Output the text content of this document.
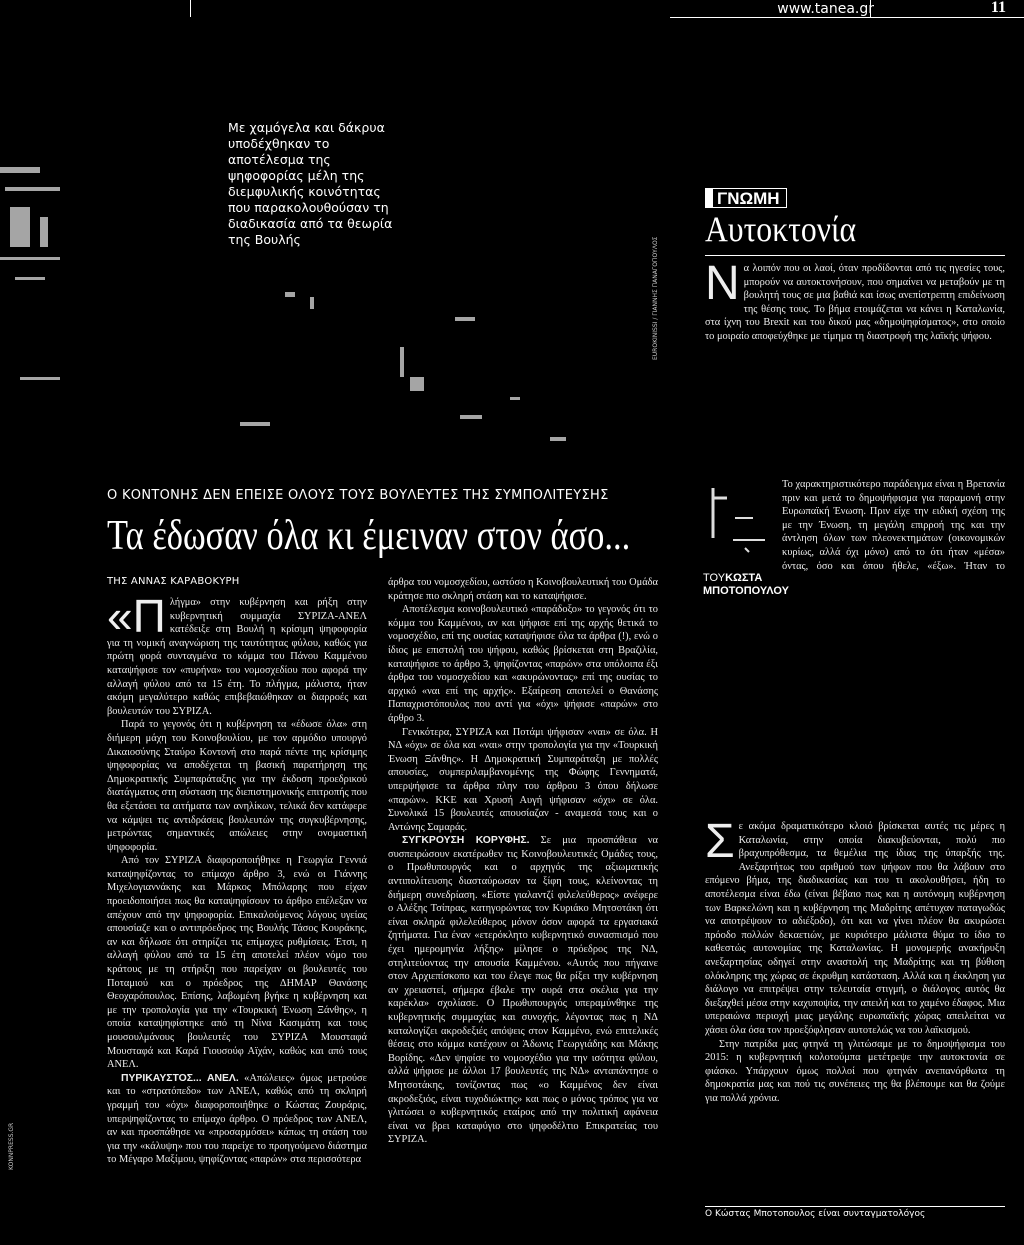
www.tanea.gr	11
Με χαμόγελα και δάκρυα υποδέχθηκαν το αποτέλεσμα της ψηφοφορίας μέλη της διεμφυλικής κοινότητας που παρακολουθούσαν τη διαδικασία από τα θεωρία της Βουλής	EUROKINISSI / ΓΙΑΝΝΗΣ ΠΑΝΑΓΟΠΟΥΛΟΣ
KONNPRESS.GR
Ο ΚΟΝΤΟΝΗΣ ΔΕΝ ΕΠΕΙΣΕ ΟΛΟΥΣ ΤΟΥΣ ΒΟΥΛΕΥΤΕΣ ΤΗΣ ΣΥΜΠΟΛΙΤΕΥΣΗΣ
Τα έδωσαν όλα κι έμειναν στον άσο...
ΤΗΣ ΑΝΝΑΣ ΚΑΡΑΒΟΚΥΡΗ

«Πλήγμα» στην κυβέρνηση και ρήξη στην κυβερνητική συμμαχία ΣΥΡΙΖΑ-ΑΝΕΛ κατέδειξε στη Βουλή η κρίσιμη ψηφοφορία για τη νομική αναγνώριση της ταυτότητας φύλου, καθώς για πρώτη φορά συνταγμένα το κόμμα του Πάνου Καμμένου καταψήφισε τον «πυρήνα» του νομοσχεδίου που αφορά την αλλαγή φύλου από τα 15 έτη. Το πλήγμα, μάλιστα, ήταν ακόμη μεγαλύτερο καθώς επιβεβαιώθηκαν οι διαρροές και βουλευτών του ΣΥΡΙΖΑ.

Παρά το γεγονός ότι η κυβέρνηση τα «έδωσε όλα» στη διήμερη μάχη του Κοινοβουλίου, με τον αρμόδιο υπουργό Δικαιοσύνης Σταύρο Κοντονή στο παρά πέντε της κρίσιμης ψηφοφορίας να αποδέχεται τη βασική παρατήρηση της Δημοκρατικής Συμπαράταξης για την έκδοση προεδρικού διατάγματος στη σύσταση της διεπιστημονικής επιτροπής που θα εξετάσει τα αιτήματα των ανηλίκων, τελικά δεν κατάφερε να κάμψει τις αντιδράσεις βουλευτών της συγκυβέρνησης, μετρώντας σημαντικές απώλειες στην ονομαστική ψηφοφορία.

Από τον ΣΥΡΙΖΑ διαφοροποιήθηκε η Γεωργία Γεννιά καταψηφίζοντας το επίμαχο άρθρο 3, ενώ οι Γιάννης Μιχελογιαννάκης και Μάρκος Μπόλαρης που είχαν προειδοποιήσει πως θα καταψηφίσουν το άρθρο επέλεξαν να απέχουν από την ψηφοφορία. Επικαλούμενος λόγους υγείας απουσίαζε και ο αντιπρόεδρος της Βουλής Τάσος Κουράκης, αν και δήλωσε ότι στηρίζει τις επίμαχες ρυθμίσεις. Έτσι, η αλλαγή φύλου από τα 15 έτη αποτελεί πλέον νόμο του κράτους με τη στήριξη που παρείχαν οι βουλευτές του Ποταμιού και ο πρόεδρος της ΔΗΜΑΡ Θανάσης Θεοχαρόπουλος. Επίσης, λαβωμένη βγήκε η κυβέρνηση και με την τροπολογία για την «Τουρκική Ένωση Ξάνθης», η οποία καταψηφίστηκε από τη Νίνα Κασιμάτη και τους μουσουλμάνους βουλευτές του ΣΥΡΙΖΑ Μουσταφά Μουσταφά και Καρά Γιουσούφ Αϊχάν, καθώς και από τους ΑΝΕΛ.

ΠΥΡΙΚΑΥΣΤΟΣ... ΑΝΕΛ. «Απώλειες» όμως μετρούσε και το «στρατόπεδο» των ΑΝΕΛ, καθώς από τη σκληρή γραμμή του «όχι» διαφοροποιήθηκε ο Κώστας Ζουράρις, υπερψηφίζοντας το επίμαχο άρθρο. Ο πρόεδρος των ΑΝΕΛ, αν και προσπάθησε να «προσαρμόσει» κάπως τη στάση του για την «κάλυψη» που του παρείχε το προηγούμενο διάστημα το Μέγαρο Μαξίμου, ψηφίζοντας «παρών» στα περισσότερα

άρθρα του νομοσχεδίου, ωστόσο η Κοινοβουλευτική του Ομάδα κράτησε πιο σκληρή στάση και το καταψήφισε.

Αποτέλεσμα κοινοβουλευτικό «παράδοξο» το γεγονός ότι το κόμμα του Καμμένου, αν και ψήφισε επί της αρχής θετικά το νομοσχέδιο, επί της ουσίας καταψήφισε όλα τα άρθρα (!), ενώ ο ίδιος με επιστολή του ψήφου, καθώς βρίσκεται στη Βραζιλία, καταψήφισε το άρθρο 3, ψηφίζοντας «παρών» στα υπόλοιπα έξι άρθρα του νομοσχεδίου και «ακυρώνοντας» επί της ουσίας το αρχικό «ναι επί της αρχής». Εξαίρεση αποτελεί ο Θανάσης Παπαχριστόπουλος που αντί για «όχι» ψήφισε «παρών» στο άρθρο 3.

Γενικότερα, ΣΥΡΙΖΑ και Ποτάμι ψήφισαν «ναι» σε όλα. Η ΝΔ «όχι» σε όλα και «ναι» στην τροπολογία για την «Τουρκική Ένωση Ξάνθης». Η Δημοκρατική Συμπαράταξη με πολλές απουσίες, συμπεριλαμβανομένης της Φώφης Γεννηματά, υπερψήφισε τα άρθρα πλην του άρθρου 3 όπου δήλωσε «παρών». ΚΚΕ και Χρυσή Αυγή ψήφισαν «όχι» σε όλα. Συνολικά 15 βουλευτές απουσίαζαν - αναμεσά τους και ο Αντώνης Σαμαράς.

ΣΥΓΚΡΟΥΣΗ ΚΟΡΥΦΗΣ. Σε μια προσπάθεια να συσπειρώσουν εκατέρωθεν τις Κοινοβουλευτικές Ομάδες τους, ο Πρωθυπουργός και ο αρχηγός της αξιωματικής αντιπολίτευσης διασταύρωσαν τα ξίφη τους, κλείνοντας τη διήμερη συνεδρίαση. «Είστε γιαλαντζί φιλελεύθερος» ανέφερε ο Αλέξης Τσίπρας, κατηγορώντας τον Κυριάκο Μητσοτάκη ότι είναι σκληρά φιλελεύθερος μόνον όσον αφορά τα εργασιακά ζητήματα. Για έναν «ετερόκλητο κυβερνητικό συνασπισμό που έχει ημερομηνία λήξης» μίλησε ο πρόεδρος της ΝΔ, στηλιτεύοντας την απουσία Καμμένου. «Αυτός που πήγαινε στον Αρχιεπίσκοπο και του έλεγε πως θα ρίξει την κυβέρνηση αν χρειαστεί, σήμερα έβαλε την ουρά στα σκέλια για την καρέκλα» σχολίασε. Ο Πρωθυπουργός υπεραμύνθηκε της κυβερνητικής συμμαχίας και συνοχής, λέγοντας πως η ΝΔ καταλογίζει ακροδεξιές απόψεις στον Καμμένο, ενώ επιτελικές θέσεις στο κόμμα κατέχουν οι Άδωνις Γεωργιάδης και Μάκης Βορίδης. «Δεν ψηφίσε το νομοσχέδιο για την ισότητα φύλου, αλλά ψήφισε με άλλοι 17 βουλευτές της ΝΔ» ανταπάντησε ο Μητσοτάκης, τονίζοντας πως «ο Καμμένος δεν είναι ακροδεξιός, είναι τυχοδιώκτης» και πως ο μόνος τρόπος για να γλιτώσει ο κυβερνητικός εταίρος από την πολιτική αφάνεια είναι να βρει καταφύγιο στο ψηφοδέλτιο Επικρατείας του ΣΥΡΙΖΑ.

ΓΝΩΜΗ
Αυτοκτονία

Να λοιπόν που οι λαοί, όταν προδίδονται από τις ηγεσίες τους, μπορούν να αυτοκτονήσουν, που σημαίνει να μεταβούν με τη βουλητή τους σε μια βαθιά και ίσως ανεπίστρεπτη επιδείνωση της θέσης τους. Το βήμα ετοιμάζεται να κάνει η Καταλωνία, στα ίχνη του Brexit και του δικού μας «δημοψηφίσματος», στο οποίο το μοιραίο αποφεύχθηκε με τίμημα τη διαστροφή της λαϊκής ψήφου.

Το χαρακτηριστικότερο παράδειγμα είναι η Βρετανία πριν και μετά το δημοψήφισμα για παραμονή στην Ευρωπαϊκή Ένωση. Πριν είχε την ειδική σχέση της με την Ένωση, τη μεγάλη επιρροή της και την άντληση όλων των πλεονεκτημάτων (οικονομικών κυρίως, αλλά όχι μόνο) από το ότι ήταν «μέσα» όντας, όσο και όπου ήθελε, «έξω». Ήταν το

ΤΟΥΚΩΣΤΑ
ΜΠΟΤΟΠΟΥΛΟΥ

Σε ακόμα δραματικότερο κλοιό βρίσκεται αυτές τις μέρες η Καταλωνία, στην οποία διακυβεύονται, πολύ πιο βραχυπρόθεσμα, τα θεμέλια της ίδιας της ύπαρξής της. Ανεξαρτήτως του αριθμού των ψήφων που θα λάβουν στο επόμενο βήμα, της διαδικασίας και του τι ακολουθήσει, ήδη το αποτέλεσμα είναι έδω (είναι βέβαιο πως και η αυτόνομη κυβέρνηση των Βαρκελώνη και η κυβέρνηση της Μαδρίτης απέτυχαν παταγωδώς να αποτρέψουν το αδιέξοδο), ότι και να γίνει πλέον θα ακυρώσει πρόοδο πολλών δεκαετιών, με κυριότερο μάλιστα θύμα το ίδιο το καθεστώς αυτονομίας της Καταλωνίας. Η μονομερής ανακήρυξη ανεξαρτησίας οδηγεί στην αναστολή της Μαδρίτης και τη βύθιση ολόκληρης της χώρας σε έκρυθμη κατάσταση. Αλλά και η έκκληση για διάλογο να επιτρέψει στην τελευταία στιγμή, ο διάλογος αυτός θα διεξαχθεί μέσα στην καχυποψία, την απειλή και το χαμένο έδαφος. Μια υπεραιώνα περιοχή μιας μεγάλης ευρωπαϊκής χώρας απειλείται να χάσει όλα όσα τον προεξόφλησαν αυτοτελώς να του λαϊκισμού.

Στην πατρίδα μας φτηνά τη γλιτώσαμε με το δημοψήφισμα του 2015: η κυβερνητική κολοτούμπα μετέτρεψε την αυτοκτονία σε φιάσκο. Υπάρχουν όμως πολλοί που φτηνάν ανεπανόρθωτα τη δημοκρατία μας και πού τις συνέπειες της θα βλέπουμε και θα ζούμε για πολλά χρόνια.

Ο Κώστας Μποτοπουλος είναι συνταγματολόγος
